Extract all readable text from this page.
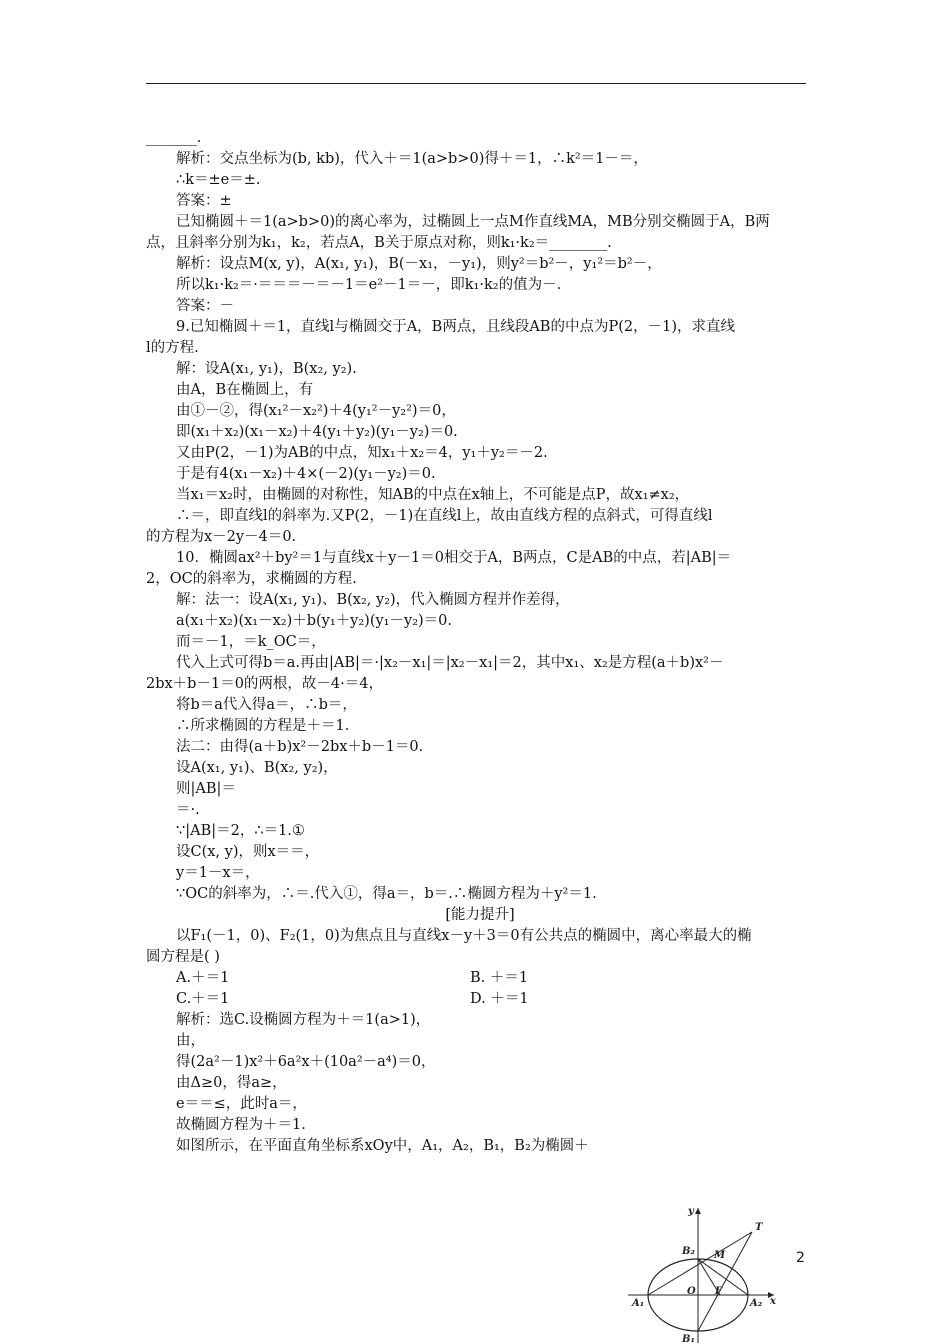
_______.
解析：交点坐标为(b, kb)，代入＋＝1(a>b>0)得＋＝1，∴k²＝1－＝，
∴k＝±e＝±.
答案：±
已知椭圆＋＝1(a>b>0)的离心率为，过椭圆上一点M作直线MA，MB分别交椭圆于A，B两
点，且斜率分别为k₁，k₂，若点A，B关于原点对称，则k₁·k₂＝________.
解析：设点M(x, y)，A(x₁, y₁)，B(－x₁，－y₁)，则y²＝b²－，y₁²＝b²－，
所以k₁·k₂＝·＝＝＝－＝－1＝e²－1＝－，即k₁·k₂的值为－.
答案：－
9.已知椭圆＋＝1，直线l与椭圆交于A，B两点，且线段AB的中点为P(2，－1)，求直线
l的方程.
解：设A(x₁, y₁)，B(x₂, y₂).
由A，B在椭圆上，有
由①－②，得(x₁²－x₂²)＋4(y₁²－y₂²)＝0，
即(x₁＋x₂)(x₁－x₂)＋4(y₁＋y₂)(y₁－y₂)＝0.
又由P(2，－1)为AB的中点，知x₁＋x₂＝4，y₁＋y₂＝－2.
于是有4(x₁－x₂)＋4×(－2)(y₁－y₂)＝0.
当x₁＝x₂时，由椭圆的对称性，知AB的中点在x轴上，不可能是点P，故x₁≠x₂，
∴＝，即直线l的斜率为.又P(2，－1)在直线l上，故由直线方程的点斜式，可得直线l
的方程为x－2y－4＝0.
10．椭圆ax²＋by²＝1与直线x＋y－1＝0相交于A，B两点，C是AB的中点，若|AB|＝
2，OC的斜率为，求椭圆的方程.
解：法一：设A(x₁, y₁)、B(x₂, y₂)，代入椭圆方程并作差得，
a(x₁＋x₂)(x₁－x₂)＋b(y₁＋y₂)(y₁－y₂)＝0.
而＝－1，＝k_OC＝，
代入上式可得b＝a.再由|AB|＝·|x₂－x₁|＝|x₂－x₁|＝2，其中x₁、x₂是方程(a＋b)x²－
2bx＋b－1＝0的两根，故－4·＝4，
将b＝a代入得a＝，∴b＝，
∴所求椭圆的方程是＋＝1.
法二：由得(a＋b)x²－2bx＋b－1＝0.
设A(x₁, y₁)、B(x₂, y₂)，
则|AB|＝
＝·.
∵|AB|＝2，∴＝1.①
设C(x, y)，则x＝＝，
y＝1－x＝，
∵OC的斜率为，∴＝.代入①，得a＝，b＝.∴椭圆方程为＋y²＝1.
[能力提升]
以F₁(－1，0)、F₂(1，0)为焦点且与直线x－y＋3＝0有公共点的椭圆中，离心率最大的椭
圆方程是( )
A.＋＝1	B. ＋＝1
C.＋＝1	D. ＋＝1
解析：选C.设椭圆方程为＋＝1(a>1)，
由，
得(2a²－1)x²＋6a²x＋(10a²－a⁴)＝0，
由Δ≥0，得a≥，
e＝＝≤，此时a＝，
故椭圆方程为＋＝1.
如图所示，在平面直角坐标系xOy中，A₁，A₂，B₁，B₂为椭圆＋
2
y
T
B₂ M
O F
A₁	A₂ x
B₁
